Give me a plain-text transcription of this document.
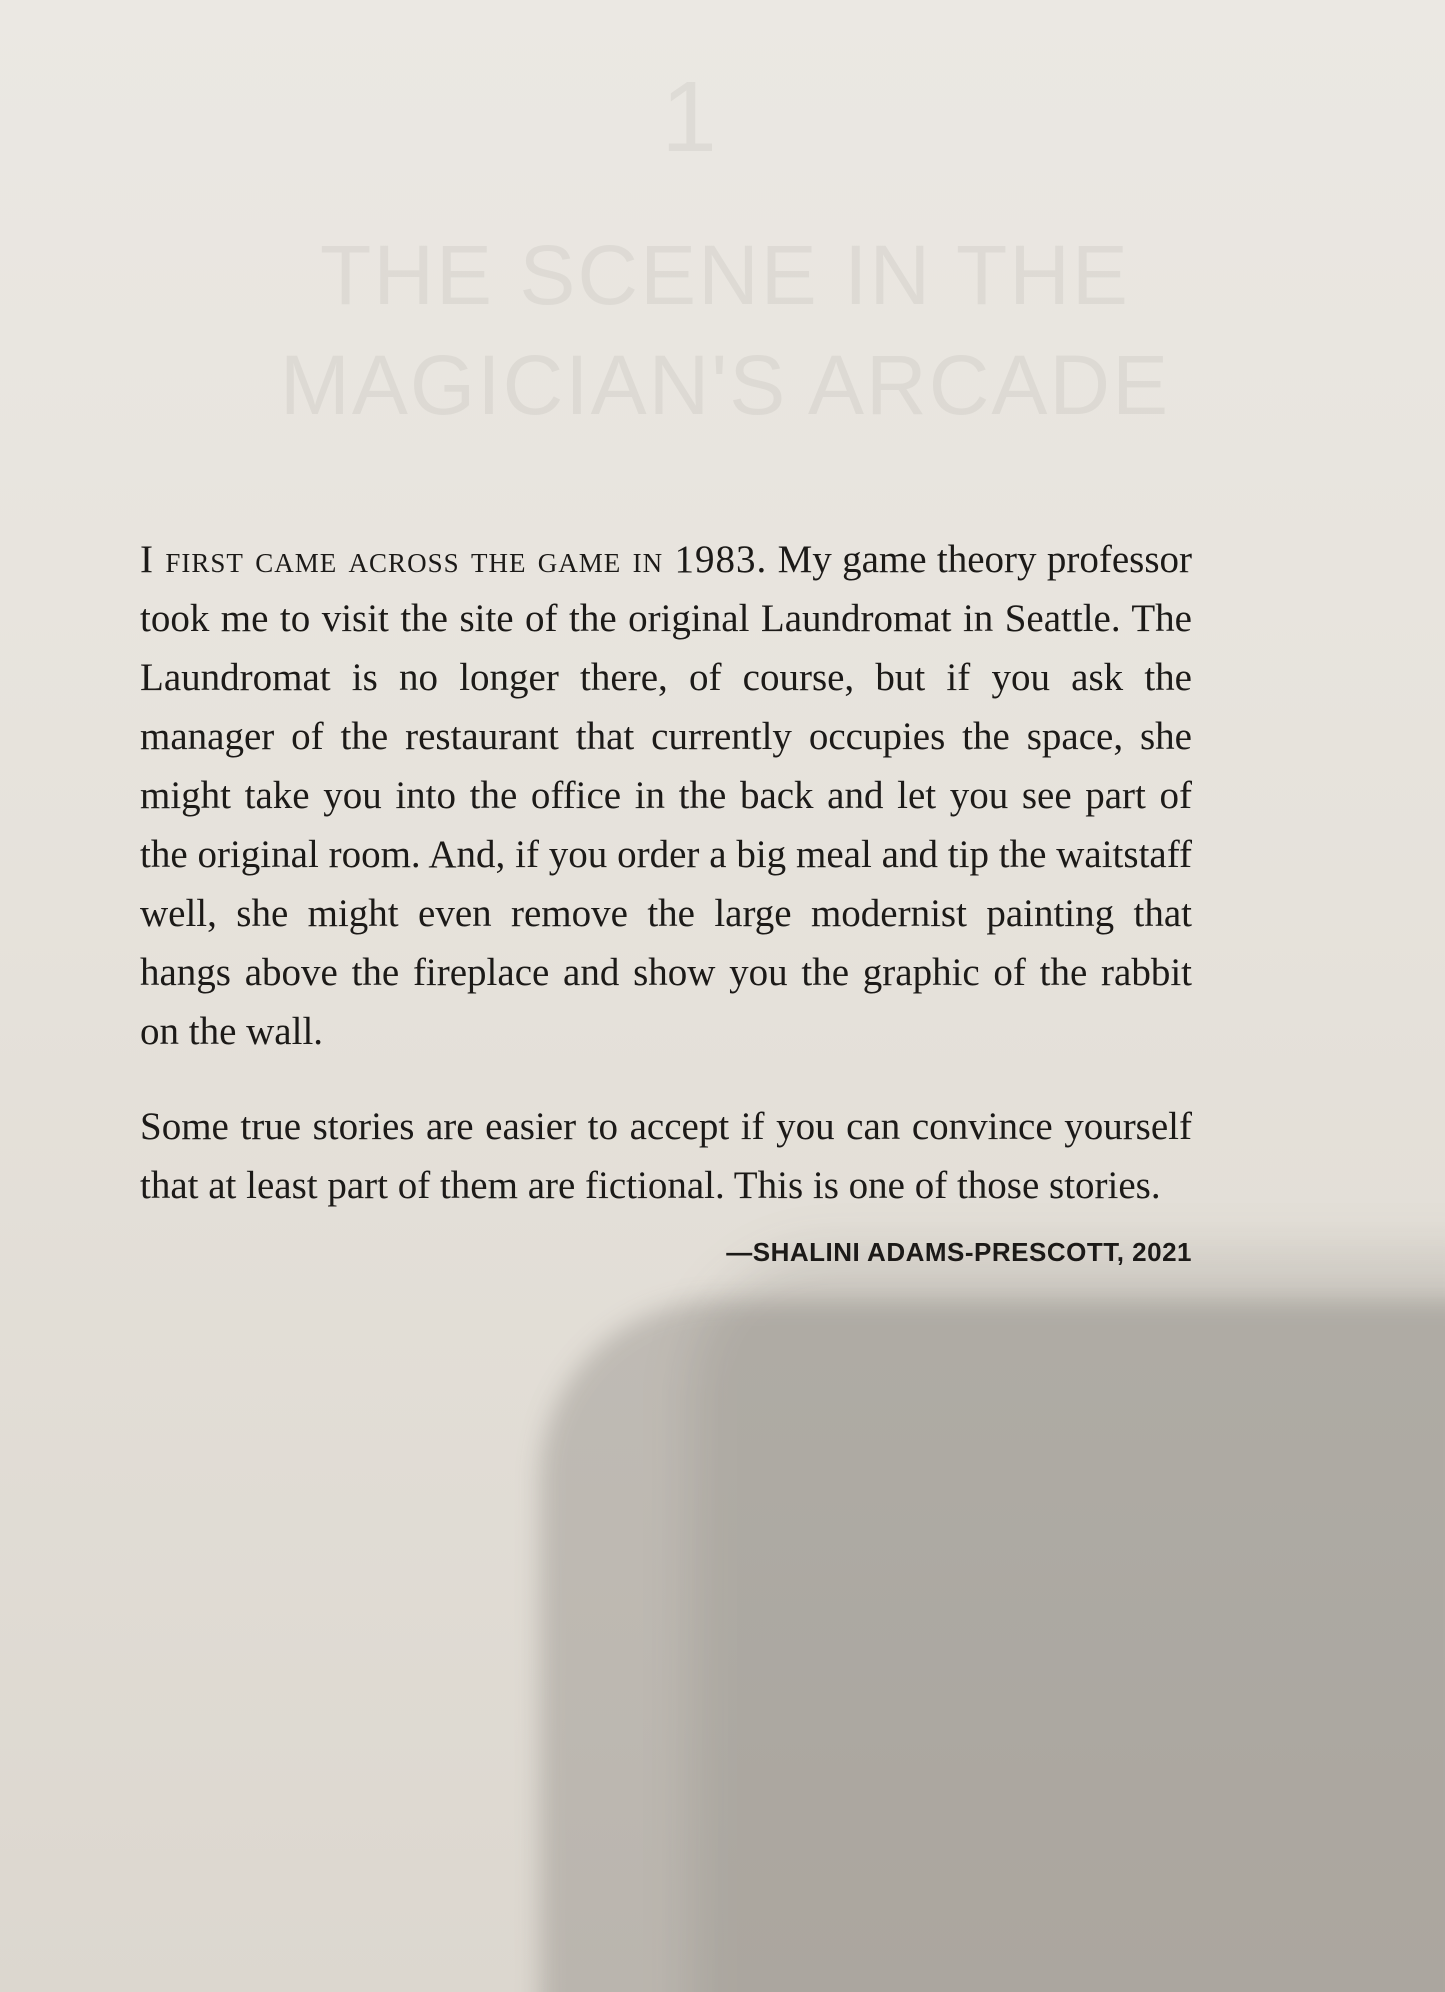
1
THE SCENE IN THE MAGICIAN'S ARCADE

I first came across the game in 1983. My game theory professor took me to visit the site of the original Laundromat in Seattle. The Laundromat is no longer there, of course, but if you ask the manager of the restaurant that currently occupies the space, she might take you into the office in the back and let you see part of the original room. And, if you order a big meal and tip the waitstaff well, she might even remove the large modernist painting that hangs above the fireplace and show you the graphic of the rabbit on the wall.

Some true stories are easier to accept if you can convince yourself that at least part of them are fictional. This is one of those stories.

—SHALINI ADAMS-PRESCOTT, 2021
